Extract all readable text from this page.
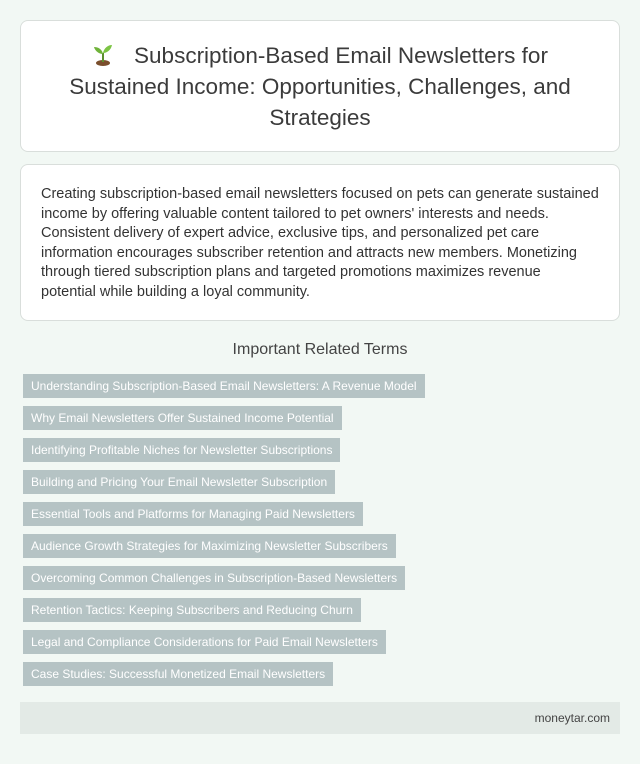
Subscription-Based Email Newsletters for Sustained Income: Opportunities, Challenges, and Strategies

Creating subscription-based email newsletters focused on pets can generate sustained income by offering valuable content tailored to pet owners' interests and needs. Consistent delivery of expert advice, exclusive tips, and personalized pet care information encourages subscriber retention and attracts new members. Monetizing through tiered subscription plans and targeted promotions maximizes revenue potential while building a loyal community.

Important Related Terms
Understanding Subscription-Based Email Newsletters: A Revenue Model
Why Email Newsletters Offer Sustained Income Potential
Identifying Profitable Niches for Newsletter Subscriptions
Building and Pricing Your Email Newsletter Subscription
Essential Tools and Platforms for Managing Paid Newsletters
Audience Growth Strategies for Maximizing Newsletter Subscribers
Overcoming Common Challenges in Subscription-Based Newsletters
Retention Tactics: Keeping Subscribers and Reducing Churn
Legal and Compliance Considerations for Paid Email Newsletters
Case Studies: Successful Monetized Email Newsletters
moneytar.com
